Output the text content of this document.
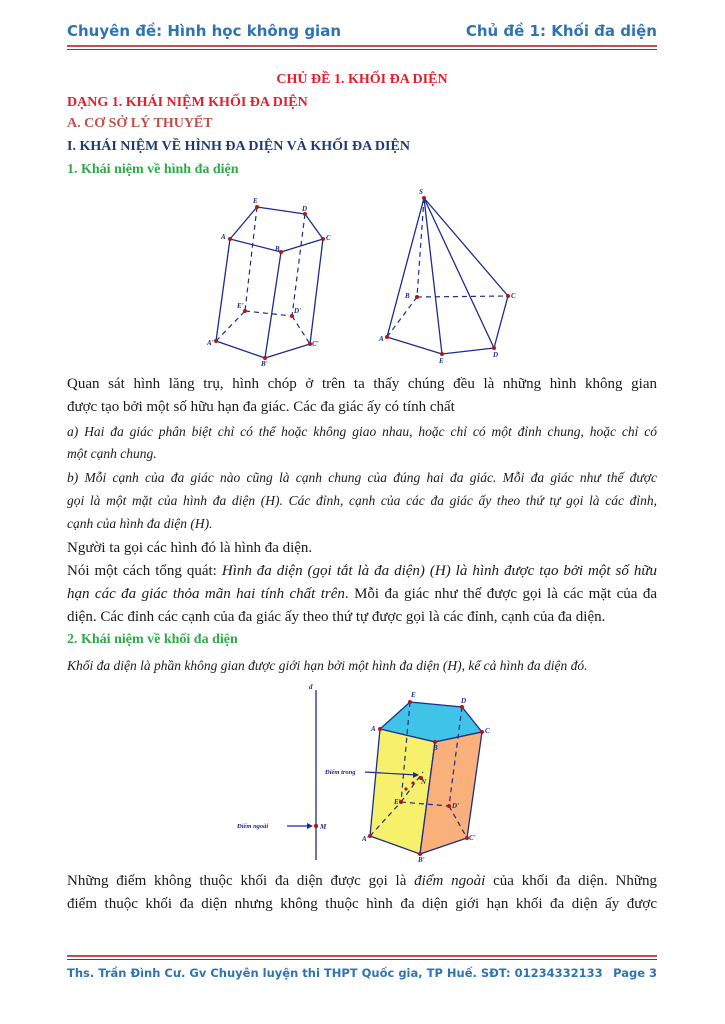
Chuyên đề: Hình học không gian	Chủ đề 1: Khối đa diện
CHỦ ĐỀ 1. KHỐI ĐA DIỆN
DẠNG 1. KHÁI NIỆM KHỐI ĐA DIỆN
A. CƠ SỞ LÝ THUYẾT
I. KHÁI NIỆM VỀ HÌNH ĐA DIỆN VÀ KHỐI ĐA DIỆN
1. Khái niệm về hình đa diện
E
D
A	C
B
E'
D'
A'	C'
B'
S
B	C
A
D
E
Quan sát hình lăng trụ, hình chóp ở trên ta thấy chúng đều là những hình không gian
được tạo bởi một số hữu hạn đa giác. Các đa giác ấy có tính chất
a) Hai đa giác phân biệt chỉ có thể hoặc không giao nhau, hoặc chỉ có một đỉnh chung, hoặc chỉ có
một cạnh chung.
b) Mỗi cạnh của đa giác nào cũng là cạnh chung của đúng hai đa giác. Mỗi đa giác như thế được
gọi là một mặt của hình đa diện (H). Các đỉnh, cạnh của các đa giác ấy theo thứ tự gọi là các đỉnh,
cạnh của hình đa diện (H).
Người ta gọi các hình đó là hình đa diện.
Nói một cách tổng quát: Hình đa diện (gọi tắt là đa diện) (H) là hình được tạo bởi một số hữu
hạn các đa giác thỏa mãn hai tính chất trên. Mỗi đa giác như thế được gọi là các mặt của đa
diện. Các đỉnh các cạnh của đa giác ấy theo thứ tự được gọi là các đỉnh, cạnh của đa diện.
2. Khái niệm về khối đa diện
Khối đa diện là phần không gian được giới hạn bởi một hình đa diện (H), kể cả hình đa diện đó.
d
E
D
A	C
B
N
E'	D'
A'	C'
B'
M
Điểm trong
Điểm ngoài
Những điểm không thuộc khối đa diện được gọi là điểm ngoài của khối đa diện. Những
điểm thuộc khối đa diện nhưng không thuộc hình đa diện giới hạn khối đa diện ấy được
Ths. Trần Đình Cư. Gv Chuyên luyện thi THPT Quốc gia, TP Huế. SĐT: 01234332133 Page 3
